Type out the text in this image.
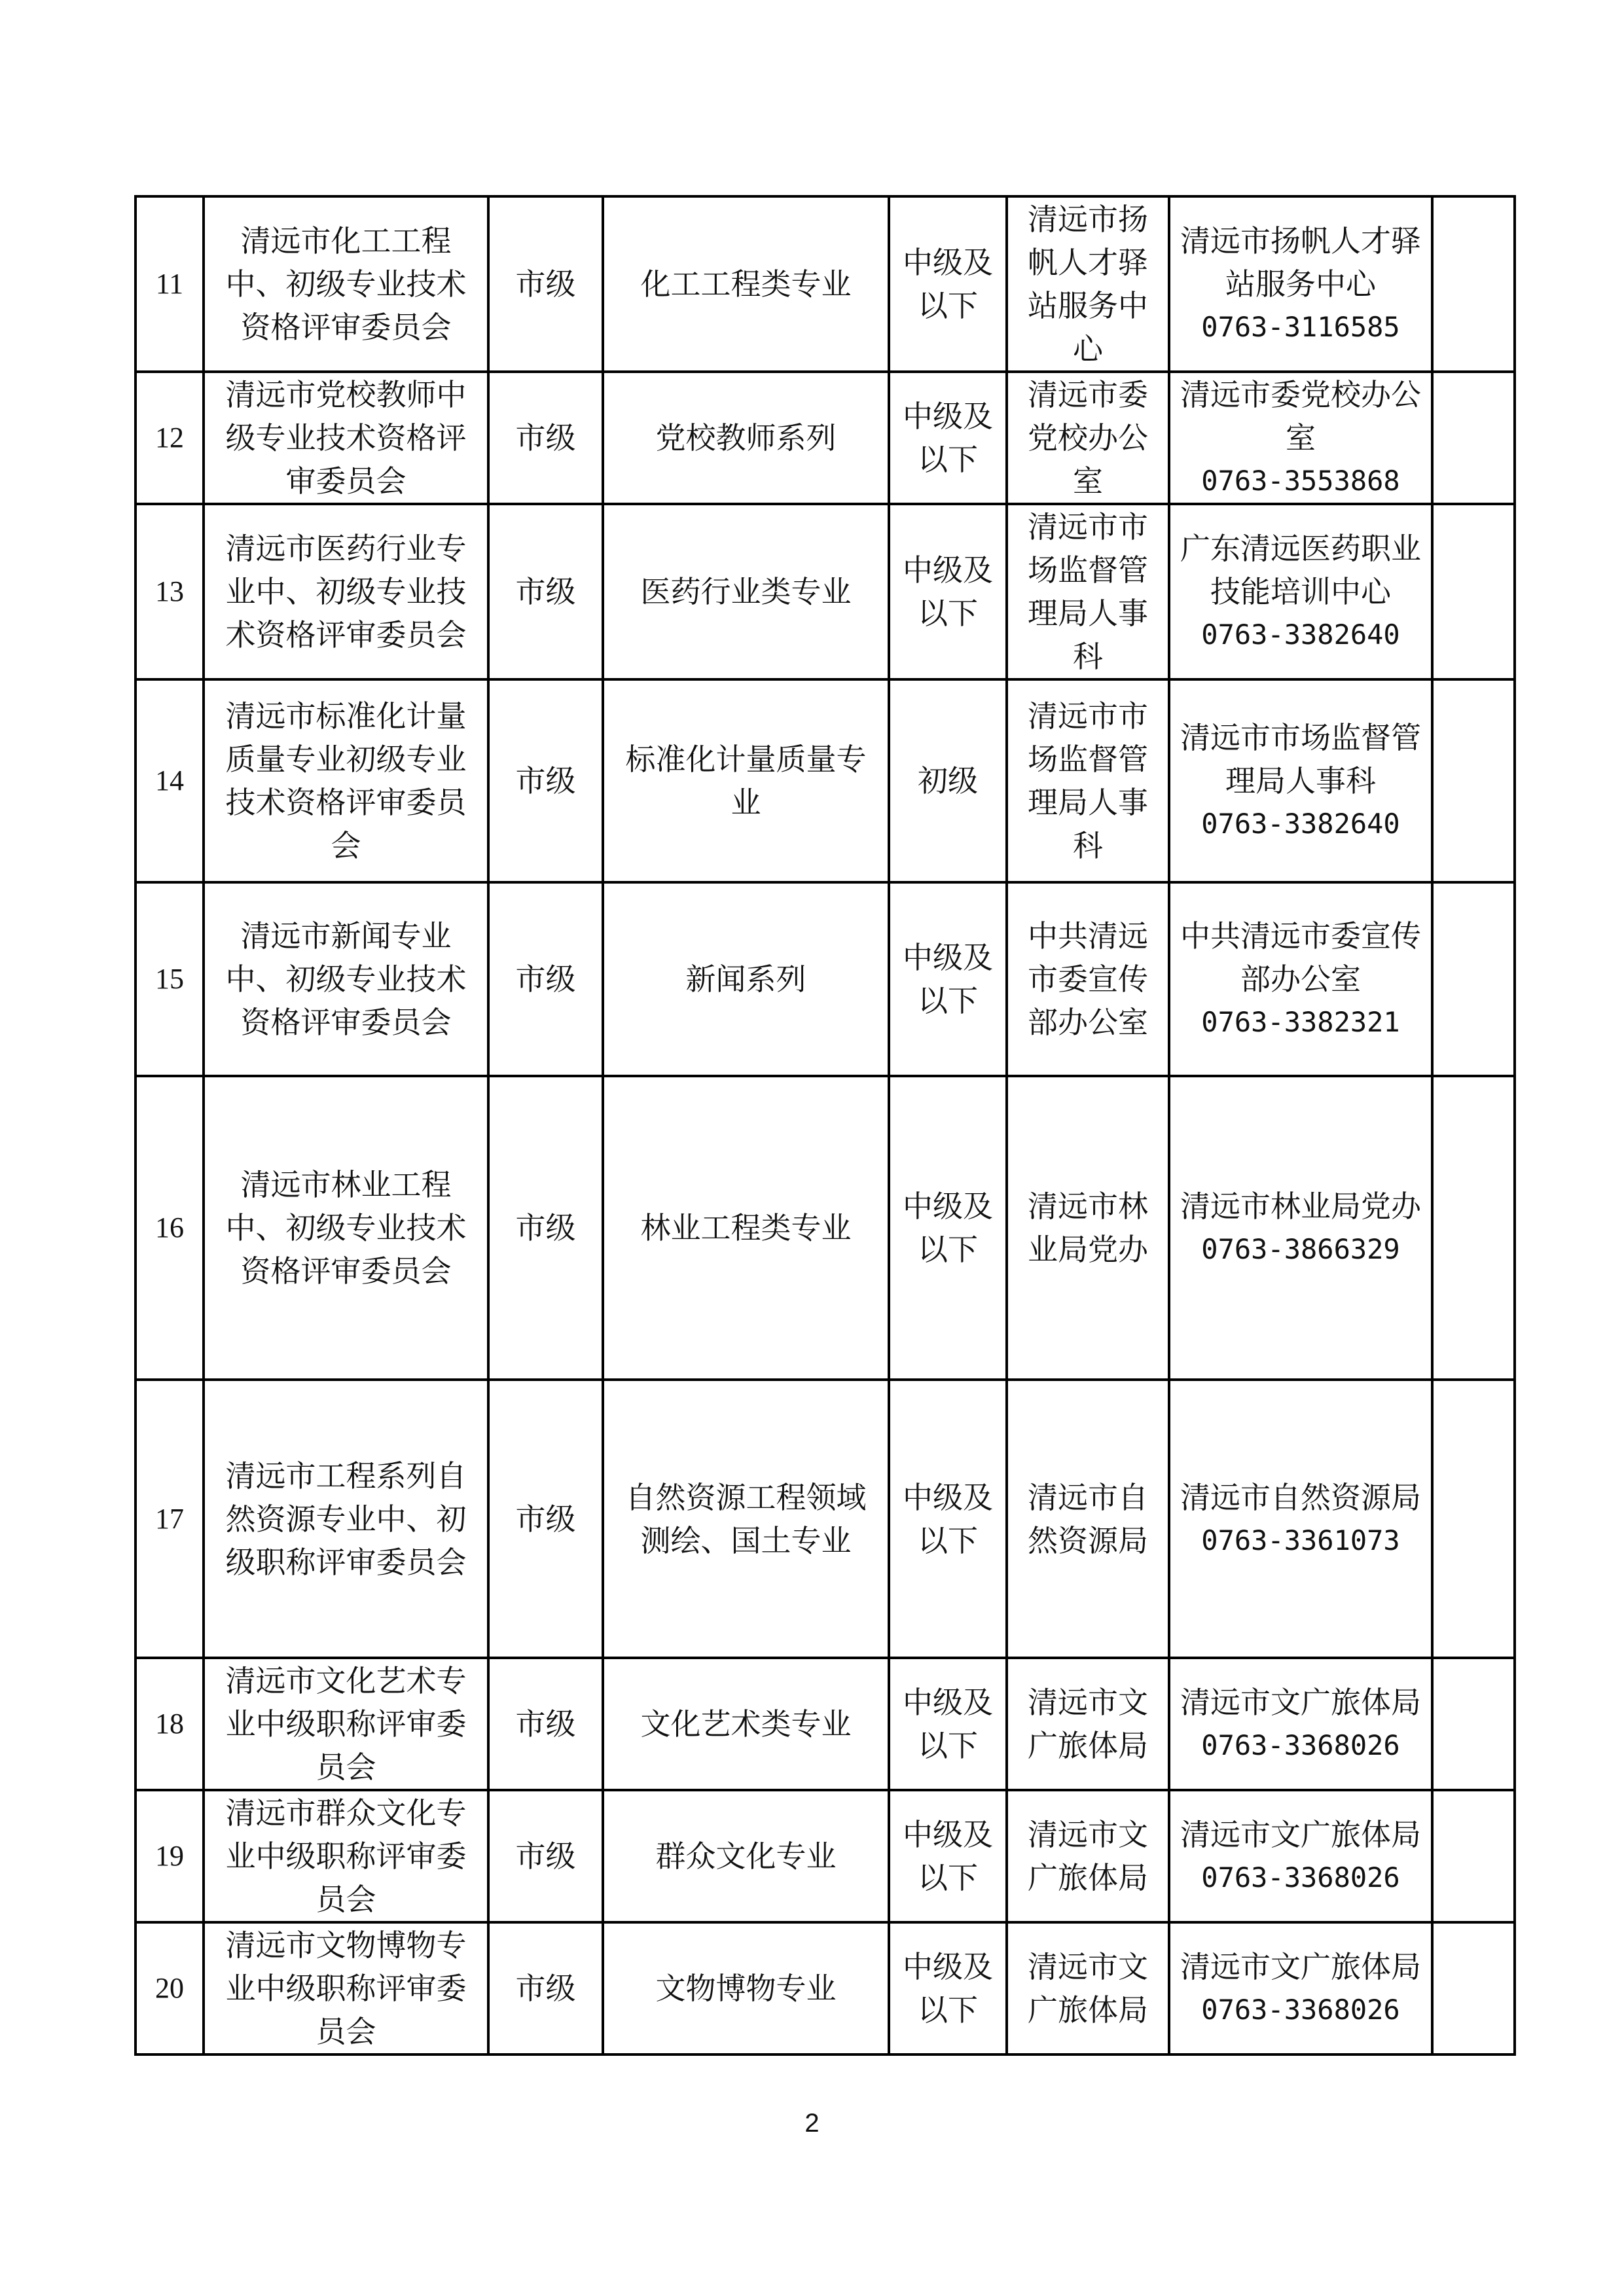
11	清远市化工工程中、初级专业技术资格评审委员会	市级	化工工程类专业	中级及以下	清远市扬帆人才驿站服务中心	清远市扬帆人才驿站服务中心
0763-3116585	

12	清远市党校教师中级专业技术资格评审委员会	市级	党校教师系列	中级及以下	清远市委党校办公室	清远市委党校办公室
0763-3553868	

13	清远市医药行业专业中、初级专业技术资格评审委员会	市级	医药行业类专业	中级及以下	清远市市场监督管理局人事科	广东清远医药职业技能培训中心
0763-3382640	

14	清远市标准化计量质量专业初级专业技术资格评审委员会	市级	标准化计量质量专业	初级	清远市市场监督管理局人事科	清远市市场监督管理局人事科
0763-3382640	

15	清远市新闻专业中、初级专业技术资格评审委员会	市级	新闻系列	中级及以下	中共清远市委宣传部办公室	中共清远市委宣传部办公室
0763-3382321	

16	清远市林业工程中、初级专业技术资格评审委员会	市级	林业工程类专业	中级及以下	清远市林业局党办	清远市林业局党办
0763-3866329	

17	清远市工程系列自然资源专业中、初级职称评审委员会	市级	自然资源工程领域测绘、国土专业	中级及以下	清远市自然资源局	清远市自然资源局
0763-3361073	

18	清远市文化艺术专业中级职称评审委员会	市级	文化艺术类专业	中级及以下	清远市文广旅体局	清远市文广旅体局
0763-3368026	

19	清远市群众文化专业中级职称评审委员会	市级	群众文化专业	中级及以下	清远市文广旅体局	清远市文广旅体局
0763-3368026	

20	清远市文物博物专业中级职称评审委员会	市级	文物博物专业	中级及以下	清远市文广旅体局	清远市文广旅体局
0763-3368026	

2
